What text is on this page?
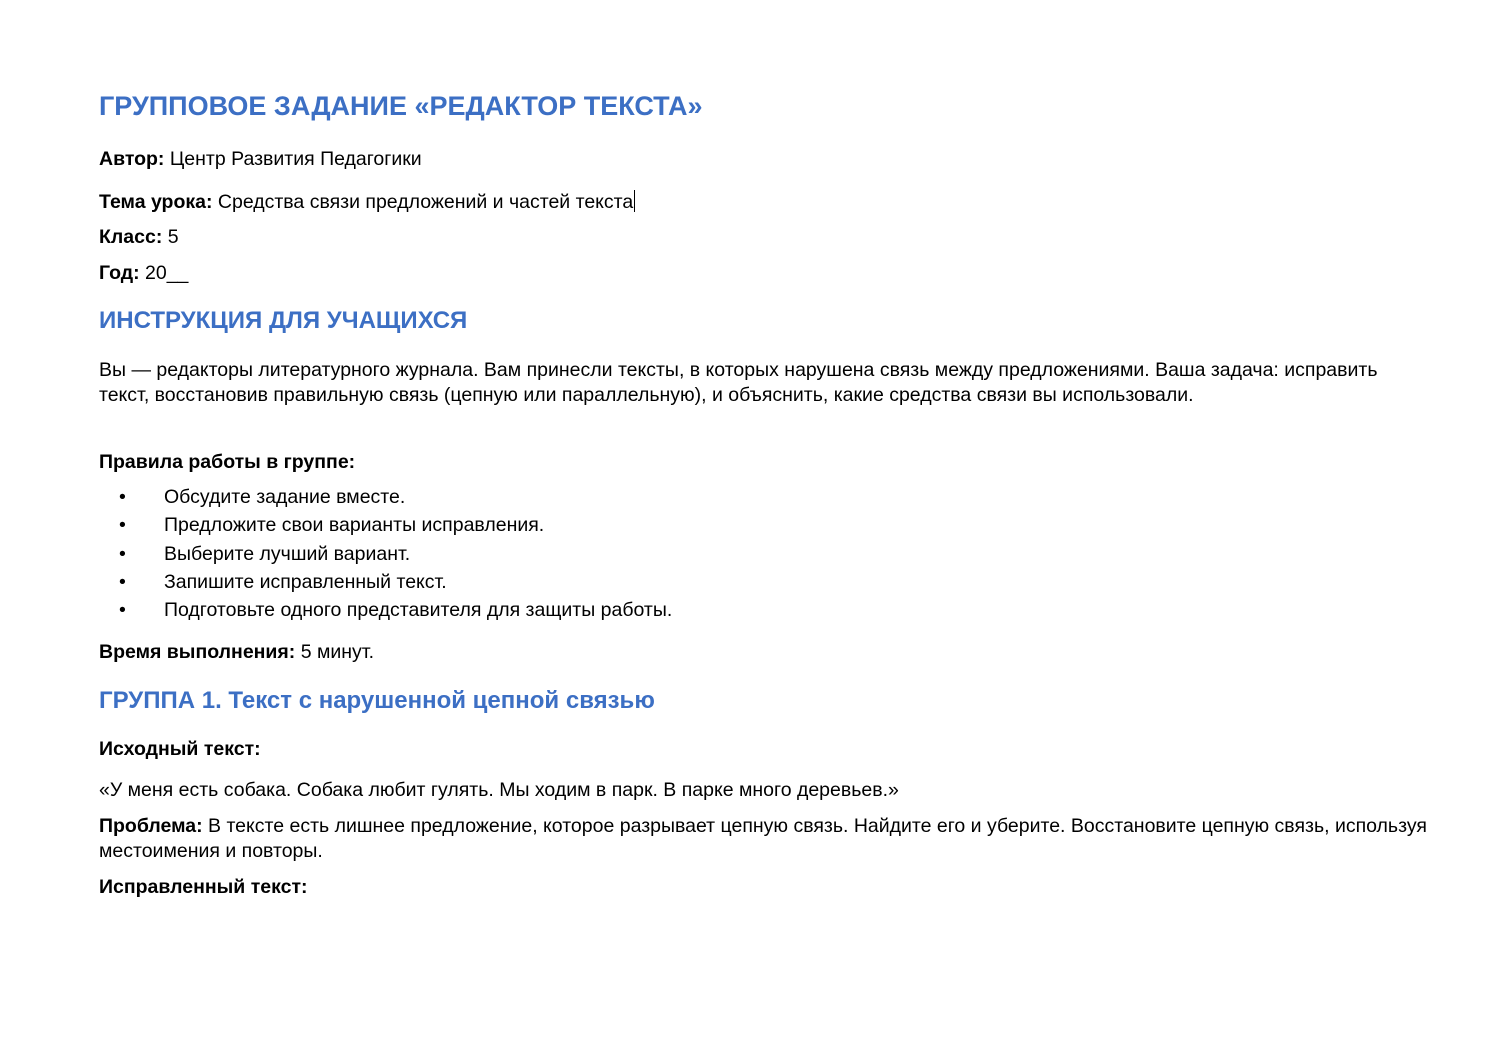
ГРУППОВОЕ ЗАДАНИЕ «РЕДАКТОР ТЕКСТА»
Автор: Центр Развития Педагогики
Тема урока: Средства связи предложений и частей текста
Класс: 5
Год: 20__
ИНСТРУКЦИЯ ДЛЯ УЧАЩИХСЯ
Вы — редакторы литературного журнала. Вам принесли тексты, в которых нарушена связь между предложениями. Ваша задача: исправить текст, восстановив правильную связь (цепную или параллельную), и объяснить, какие средства связи вы использовали.
Правила работы в группе:
• Обсудите задание вместе.
• Предложите свои варианты исправления.
• Выберите лучший вариант.
• Запишите исправленный текст.
• Подготовьте одного представителя для защиты работы.
Время выполнения: 5 минут.
ГРУППА 1. Текст с нарушенной цепной связью
Исходный текст:
«У меня есть собака. Собака любит гулять. Мы ходим в парк. В парке много деревьев.»
Проблема: В тексте есть лишнее предложение, которое разрывает цепную связь. Найдите его и уберите. Восстановите цепную связь, используя местоимения и повторы.
Исправленный текст:
